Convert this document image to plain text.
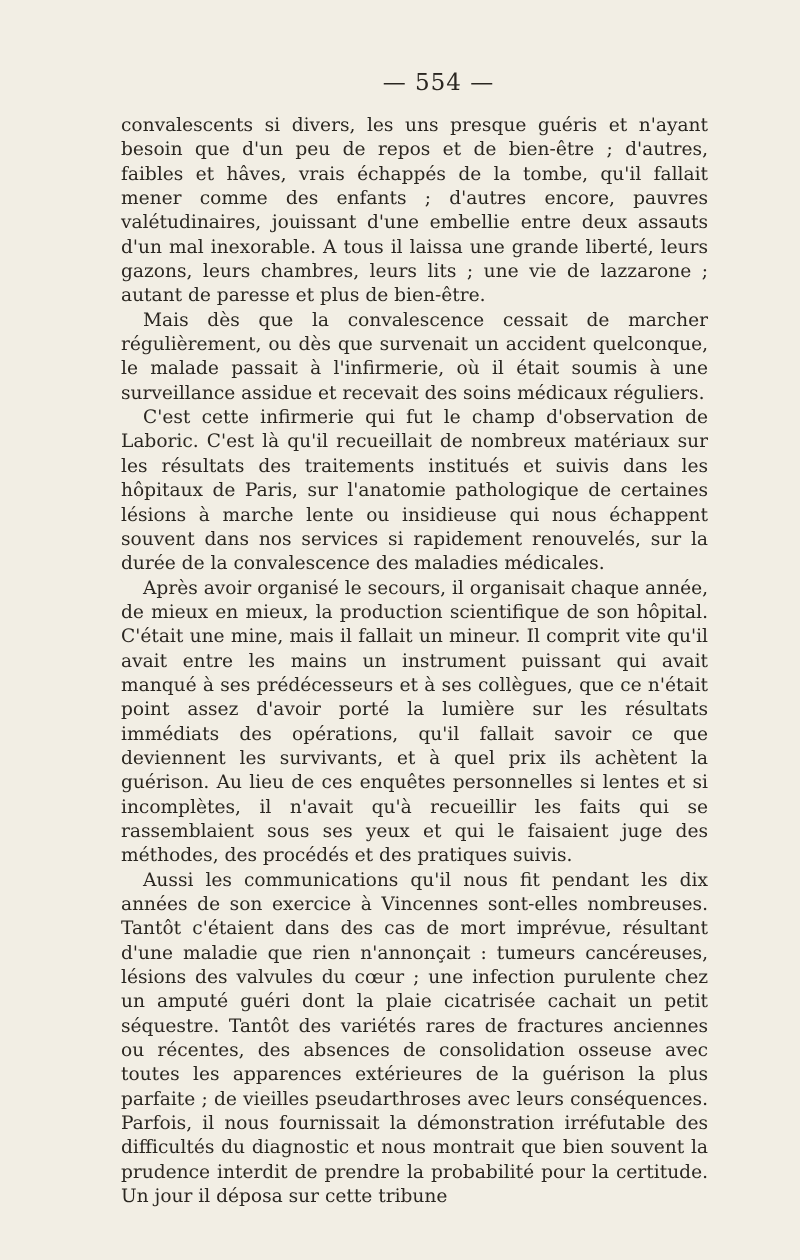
— 554 —

convalescents si divers, les uns presque guéris et n'ayant besoin que d'un peu de repos et de bien-être ; d'autres, faibles et hâves, vrais échappés de la tombe, qu'il fallait mener comme des enfants ; d'autres encore, pauvres valétudinaires, jouissant d'une embellie entre deux assauts d'un mal inexorable. A tous il laissa une grande liberté, leurs gazons, leurs chambres, leurs lits ; une vie de lazzarone ; autant de paresse et plus de bien-être.

Mais dès que la convalescence cessait de marcher régulièrement, ou dès que survenait un accident quelconque, le malade passait à l'infirmerie, où il était soumis à une surveillance assidue et recevait des soins médicaux réguliers.

C'est cette infirmerie qui fut le champ d'observation de Laboric. C'est là qu'il recueillait de nombreux matériaux sur les résultats des traitements institués et suivis dans les hôpitaux de Paris, sur l'anatomie pathologique de certaines lésions à marche lente ou insidieuse qui nous échappent souvent dans nos services si rapidement renouvelés, sur la durée de la convalescence des maladies médicales.

Après avoir organisé le secours, il organisait chaque année, de mieux en mieux, la production scientifique de son hôpital. C'était une mine, mais il fallait un mineur. Il comprit vite qu'il avait entre les mains un instrument puissant qui avait manqué à ses prédécesseurs et à ses collègues, que ce n'était point assez d'avoir porté la lumière sur les résultats immédiats des opérations, qu'il fallait savoir ce que deviennent les survivants, et à quel prix ils achètent la guérison. Au lieu de ces enquêtes personnelles si lentes et si incomplètes, il n'avait qu'à recueillir les faits qui se rassemblaient sous ses yeux et qui le faisaient juge des méthodes, des procédés et des pratiques suivis.

Aussi les communications qu'il nous fit pendant les dix années de son exercice à Vincennes sont-elles nombreuses. Tantôt c'étaient dans des cas de mort imprévue, résultant d'une maladie que rien n'annonçait : tumeurs cancéreuses, lésions des valvules du cœur ; une infection purulente chez un amputé guéri dont la plaie cicatrisée cachait un petit séquestre. Tantôt des variétés rares de fractures anciennes ou récentes, des absences de consolidation osseuse avec toutes les apparences extérieures de la guérison la plus parfaite ; de vieilles pseudarthroses avec leurs conséquences. Parfois, il nous fournissait la démonstration irréfutable des difficultés du diagnostic et nous montrait que bien souvent la prudence interdit de prendre la probabilité pour la certitude. Un jour il déposa sur cette tribune
